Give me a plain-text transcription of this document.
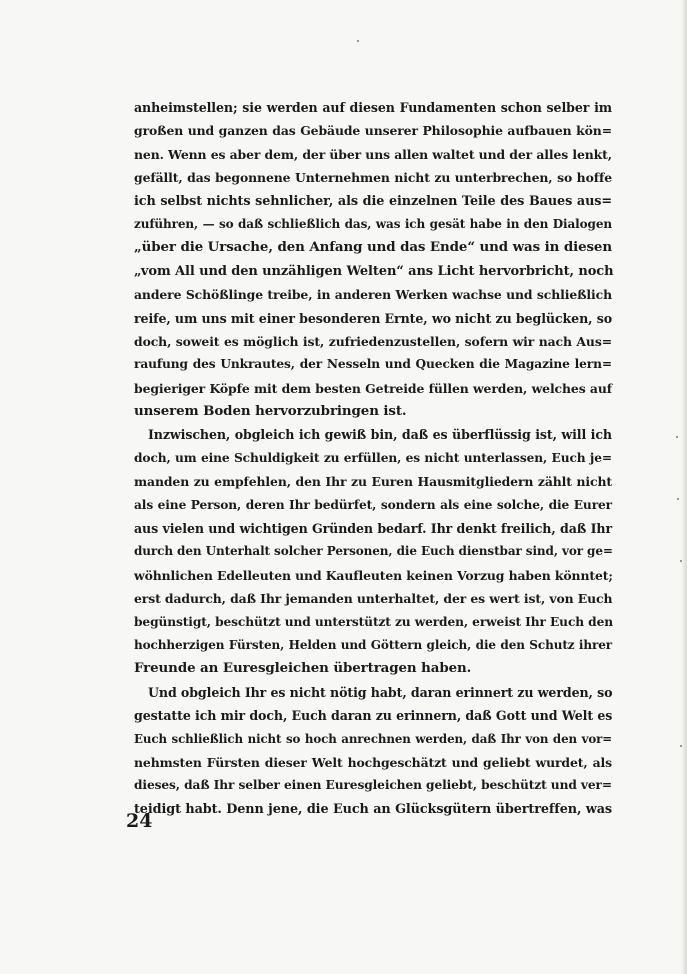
anheimstellen; sie werden auf diesen Fundamenten schon selber im
großen und ganzen das Gebäude unserer Philosophie aufbauen kön=
nen. Wenn es aber dem, der über uns allen waltet und der alles lenkt,
gefällt, das begonnene Unternehmen nicht zu unterbrechen, so hoffe
ich selbst nichts sehnlicher, als die einzelnen Teile des Baues aus=
zuführen, — so daß schließlich das, was ich gesät habe in den Dialogen
„über die Ursache, den Anfang und das Ende“ und was in diesen
„vom All und den unzähligen Welten“ ans Licht hervorbricht, noch
andere Schößlinge treibe, in anderen Werken wachse und schließlich
reife, um uns mit einer besonderen Ernte, wo nicht zu beglücken, so
doch, soweit es möglich ist, zufriedenzustellen, sofern wir nach Aus=
raufung des Unkrautes, der Nesseln und Quecken die Magazine lern=
begieriger Köpfe mit dem besten Getreide füllen werden, welches auf
unserem Boden hervorzubringen ist.
Inzwischen, obgleich ich gewiß bin, daß es überflüssig ist, will ich
doch, um eine Schuldigkeit zu erfüllen, es nicht unterlassen, Euch je=
manden zu empfehlen, den Ihr zu Euren Hausmitgliedern zählt nicht
als eine Person, deren Ihr bedürfet, sondern als eine solche, die Eurer
aus vielen und wichtigen Gründen bedarf. Ihr denkt freilich, daß Ihr
durch den Unterhalt solcher Personen, die Euch dienstbar sind, vor ge=
wöhnlichen Edelleuten und Kaufleuten keinen Vorzug haben könntet;
erst dadurch, daß Ihr jemanden unterhaltet, der es wert ist, von Euch
begünstigt, beschützt und unterstützt zu werden, erweist Ihr Euch den
hochherzigen Fürsten, Helden und Göttern gleich, die den Schutz ihrer
Freunde an Euresgleichen übertragen haben.
Und obgleich Ihr es nicht nötig habt, daran erinnert zu werden, so
gestatte ich mir doch, Euch daran zu erinnern, daß Gott und Welt es
Euch schließlich nicht so hoch anrechnen werden, daß Ihr von den vor=
nehmsten Fürsten dieser Welt hochgeschätzt und geliebt wurdet, als
dieses, daß Ihr selber einen Euresgleichen geliebt, beschützt und ver=
teidigt habt. Denn jene, die Euch an Glücksgütern übertreffen, was
24
